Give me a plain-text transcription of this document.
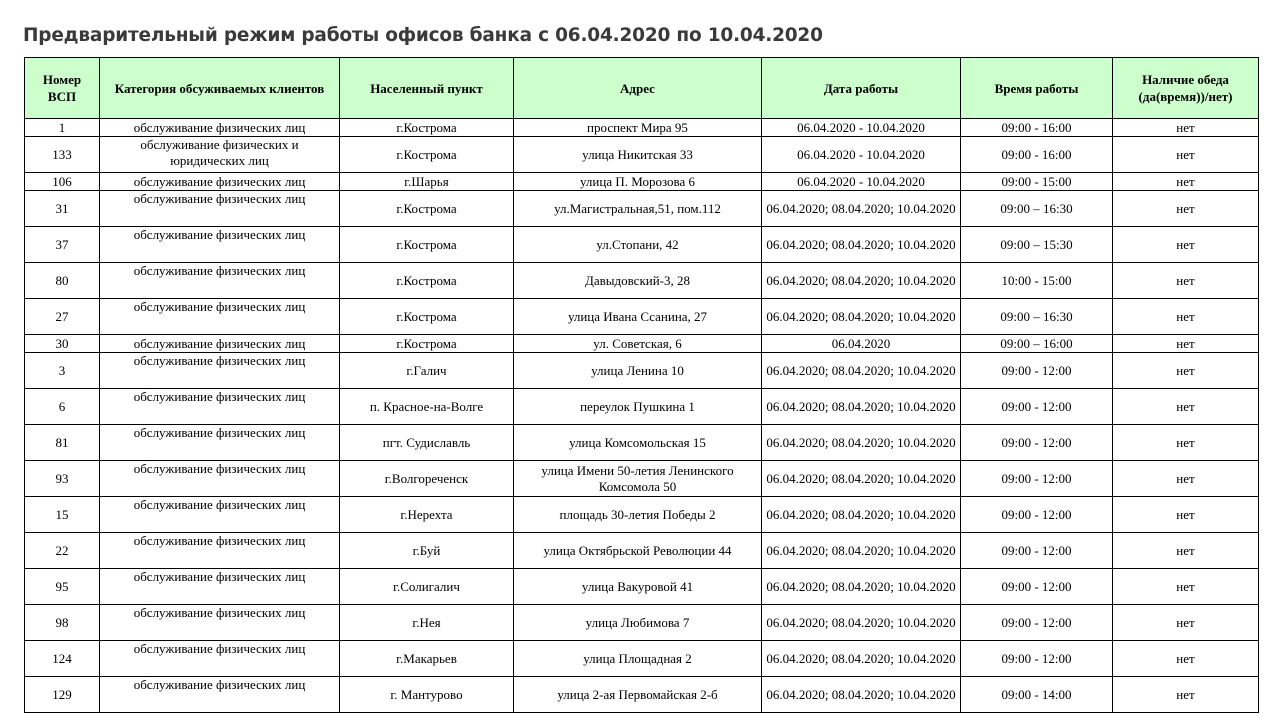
Предварительный режим работы офисов банка с 06.04.2020 по 10.04.2020
Номер ВСП	Категория обсуживаемых клиентов	Населенный пункт	Адрес	Дата работы	Время работы	Наличие обеда (да(время))/нет)
1	обслуживание физических лиц	г.Кострома	проспект Мира 95	06.04.2020 - 10.04.2020	09:00 - 16:00	нет
133	обслуживание физических и юридических лиц	г.Кострома	улица Никитская 33	06.04.2020 - 10.04.2020	09:00 - 16:00	нет
106	обслуживание физических лиц	г.Шарья	улица П. Морозова 6	06.04.2020 - 10.04.2020	09:00 - 15:00	нет
31	обслуживание физических лиц	г.Кострома	ул.Магистральная,51, пом.112	06.04.2020; 08.04.2020; 10.04.2020	09:00 – 16:30	нет
37	обслуживание физических лиц	г.Кострома	ул.Стопани, 42	06.04.2020; 08.04.2020; 10.04.2020	09:00 – 15:30	нет
80	обслуживание физических лиц	г.Кострома	Давыдовский-3, 28	06.04.2020; 08.04.2020; 10.04.2020	10:00 - 15:00	нет
27	обслуживание физических лиц	г.Кострома	улица Ивана Ссанина, 27	06.04.2020; 08.04.2020; 10.04.2020	09:00 – 16:30	нет
30	обслуживание физических лиц	г.Кострома	ул. Советская, 6	06.04.2020	09:00 – 16:00	нет
3	обслуживание физических лиц	г.Галич	улица Ленина 10	06.04.2020; 08.04.2020; 10.04.2020	09:00 - 12:00	нет
6	обслуживание физических лиц	п. Красное-на-Волге	переулок Пушкина 1	06.04.2020; 08.04.2020; 10.04.2020	09:00 - 12:00	нет
81	обслуживание физических лиц	пгт. Судиславль	улица Комсомольская 15	06.04.2020; 08.04.2020; 10.04.2020	09:00 - 12:00	нет
93	обслуживание физических лиц	г.Волгореченск	улица Имени 50-летия Ленинского Комсомола 50	06.04.2020; 08.04.2020; 10.04.2020	09:00 - 12:00	нет
15	обслуживание физических лиц	г.Нерехта	площадь 30-летия Победы 2	06.04.2020; 08.04.2020; 10.04.2020	09:00 - 12:00	нет
22	обслуживание физических лиц	г.Буй	улица Октябрьской Революции 44	06.04.2020; 08.04.2020; 10.04.2020	09:00 - 12:00	нет
95	обслуживание физических лиц	г.Солигалич	улица Вакуровой 41	06.04.2020; 08.04.2020; 10.04.2020	09:00 - 12:00	нет
98	обслуживание физических лиц	г.Нея	улица Любимова 7	06.04.2020; 08.04.2020; 10.04.2020	09:00 - 12:00	нет
124	обслуживание физических лиц	г.Макарьев	улица Площадная 2	06.04.2020; 08.04.2020; 10.04.2020	09:00 - 12:00	нет
129	обслуживание физических лиц	г. Мантурово	улица 2-ая Первомайская 2-б	06.04.2020; 08.04.2020; 10.04.2020	09:00 - 14:00	нет
